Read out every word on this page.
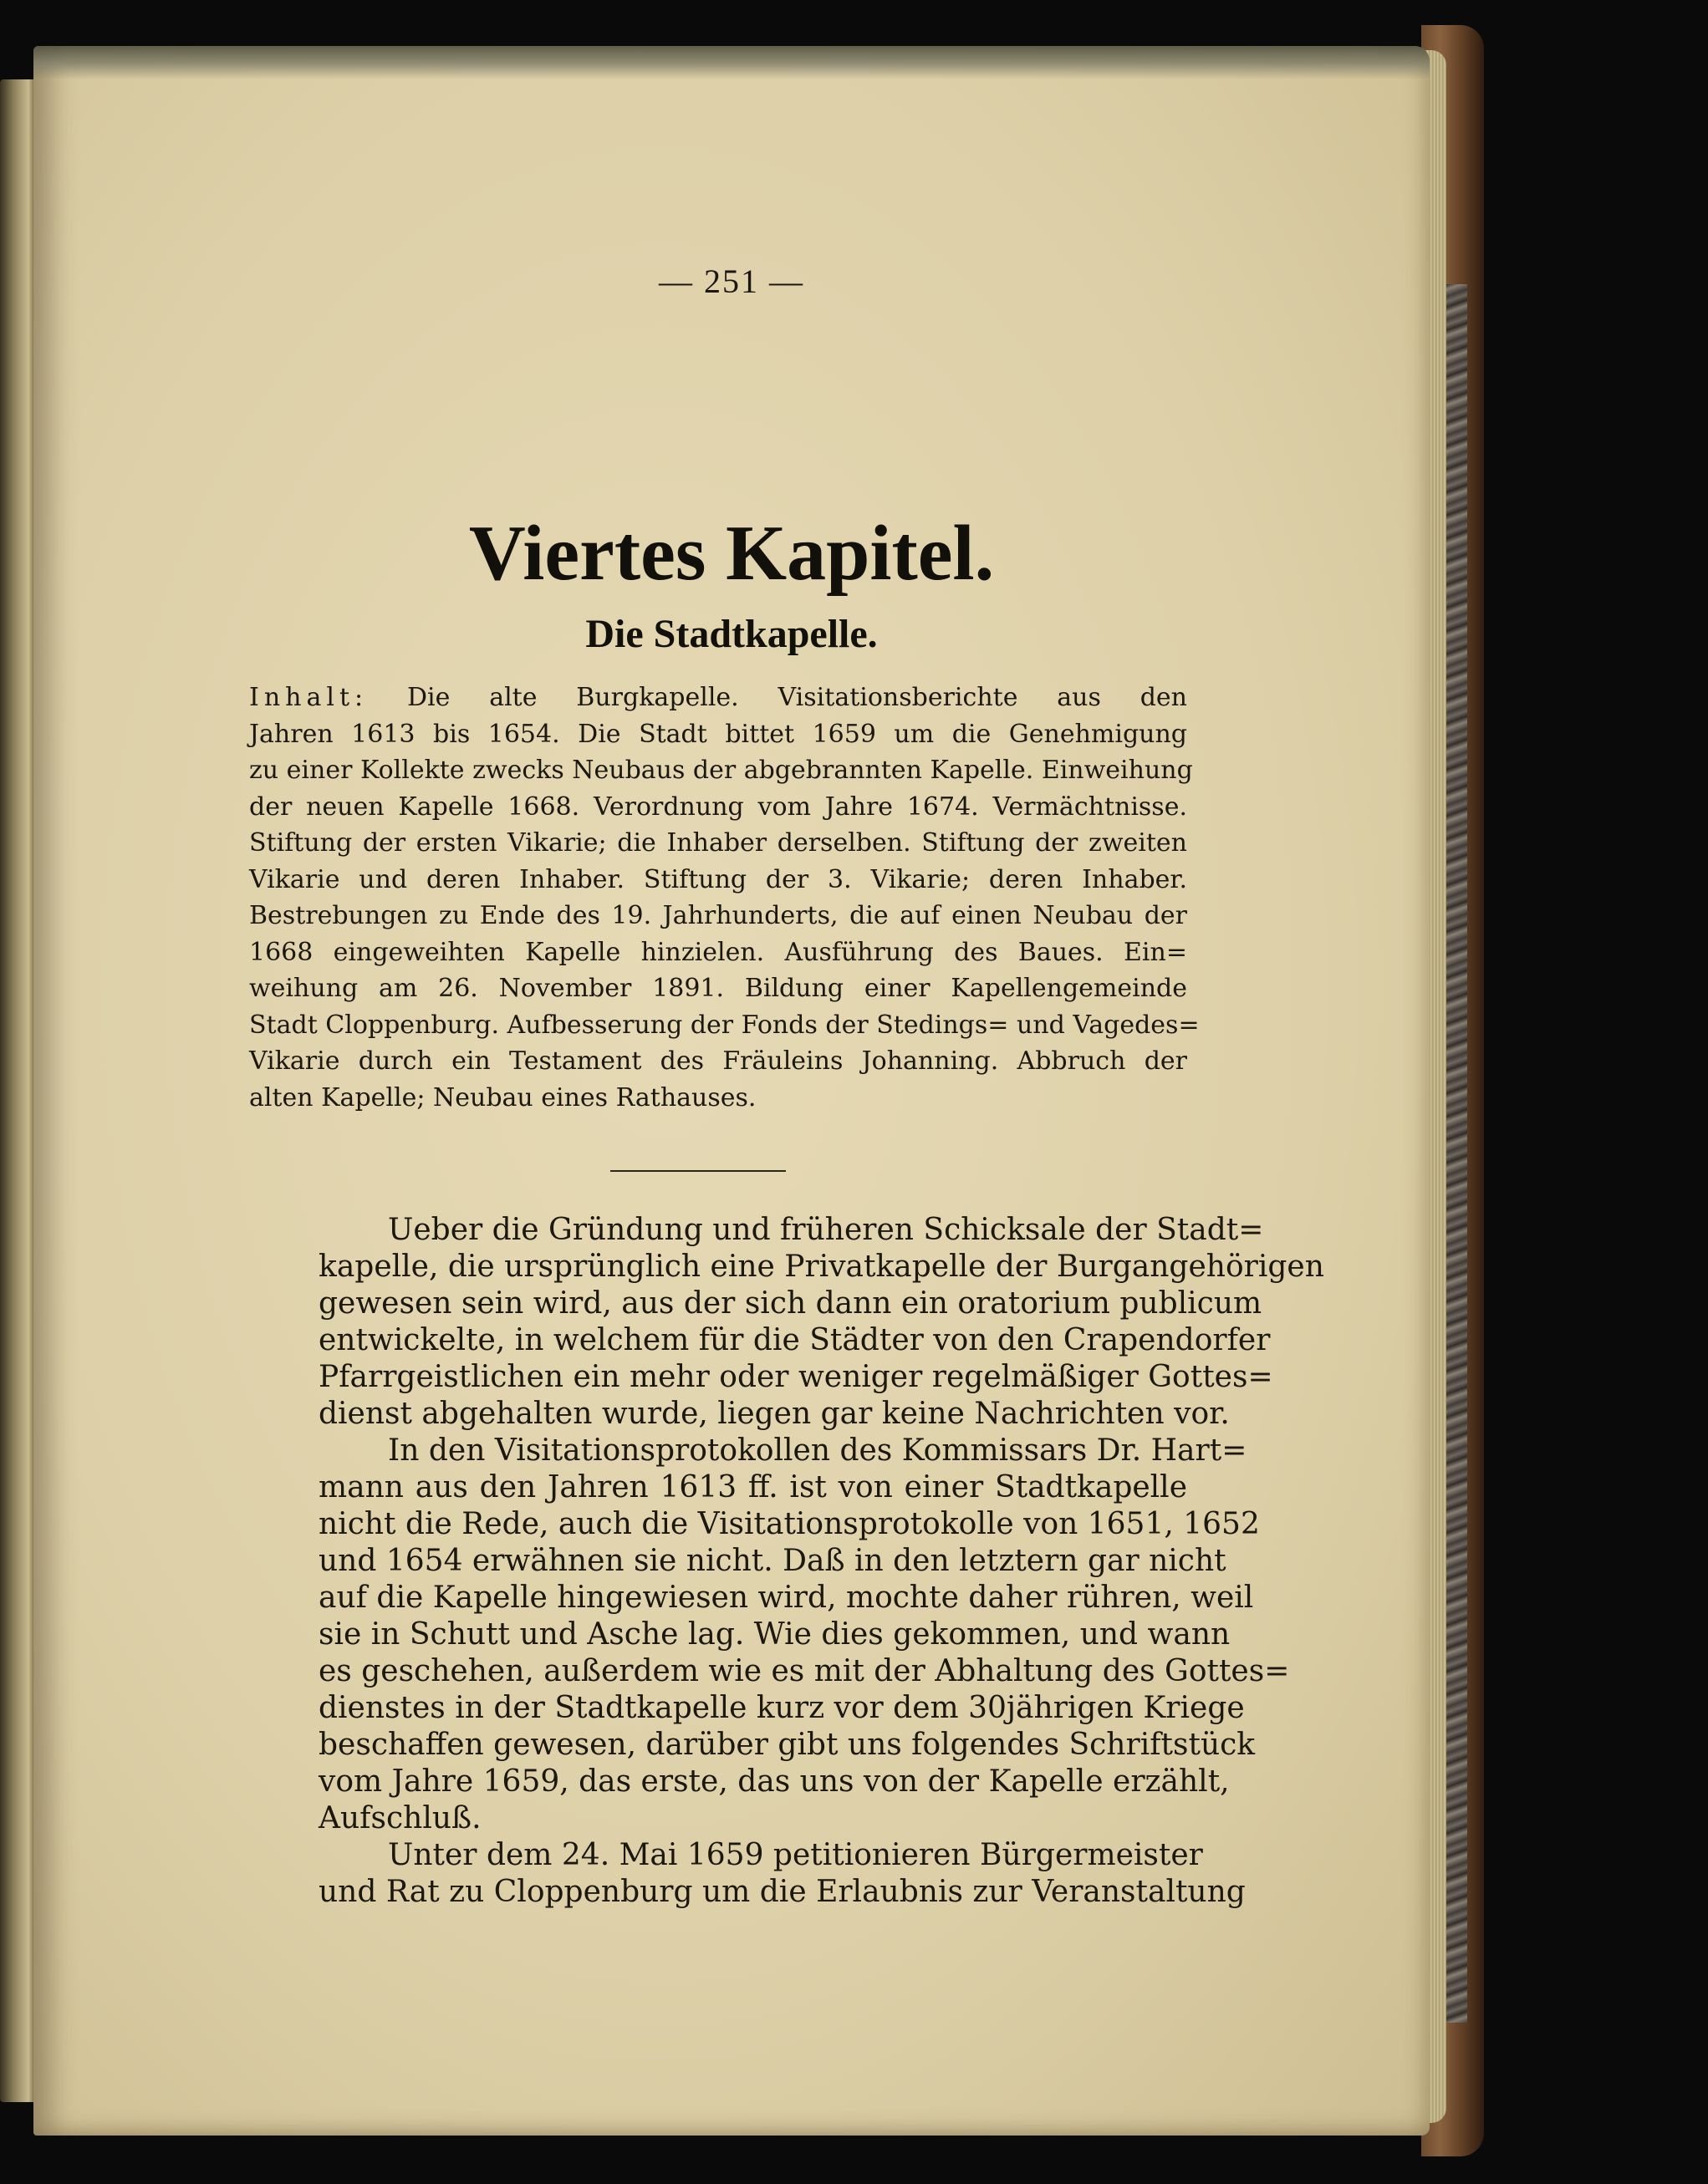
— 251 —
Viertes Kapitel.
Die Stadtkapelle.
Inhalt: Die alte Burgkapelle. Visitationsberichte aus den
Jahren 1613 bis 1654. Die Stadt bittet 1659 um die Genehmigung
zu einer Kollekte zwecks Neubaus der abgebrannten Kapelle. Einweihung
der neuen Kapelle 1668. Verordnung vom Jahre 1674. Vermächtnisse.
Stiftung der ersten Vikarie; die Inhaber derselben. Stiftung der zweiten
Vikarie und deren Inhaber. Stiftung der 3. Vikarie; deren Inhaber.
Bestrebungen zu Ende des 19. Jahrhunderts, die auf einen Neubau der
1668 eingeweihten Kapelle hinzielen. Ausführung des Baues. Ein=
weihung am 26. November 1891. Bildung einer Kapellengemeinde
Stadt Cloppenburg. Aufbesserung der Fonds der Stedings= und Vagedes=
Vikarie durch ein Testament des Fräuleins Johanning. Abbruch der
alten Kapelle; Neubau eines Rathauses.

Ueber die Gründung und früheren Schicksale der Stadt=
kapelle, die ursprünglich eine Privatkapelle der Burgangehörigen
gewesen sein wird, aus der sich dann ein oratorium publicum
entwickelte, in welchem für die Städter von den Crapendorfer
Pfarrgeistlichen ein mehr oder weniger regelmäßiger Gottes=
dienst abgehalten wurde, liegen gar keine Nachrichten vor.

In den Visitationsprotokollen des Kommissars Dr. Hart=
mann aus den Jahren 1613 ff. ist von einer Stadtkapelle
nicht die Rede, auch die Visitationsprotokolle von 1651, 1652
und 1654 erwähnen sie nicht. Daß in den letztern gar nicht
auf die Kapelle hingewiesen wird, mochte daher rühren, weil
sie in Schutt und Asche lag. Wie dies gekommen, und wann
es geschehen, außerdem wie es mit der Abhaltung des Gottes=
dienstes in der Stadtkapelle kurz vor dem 30jährigen Kriege
beschaffen gewesen, darüber gibt uns folgendes Schriftstück
vom Jahre 1659, das erste, das uns von der Kapelle erzählt,
Aufschluß.

Unter dem 24. Mai 1659 petitionieren Bürgermeister
und Rat zu Cloppenburg um die Erlaubnis zur Veranstaltung
